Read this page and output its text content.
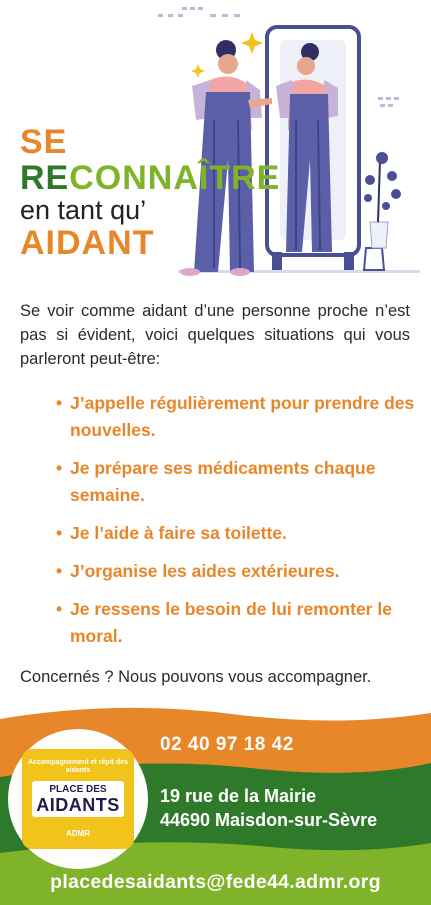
SE
RECONNAÎTRE
en tant qu’
AIDANT

Se voir comme aidant d’une personne proche n’est pas si évident, voici quelques situations qui vous parleront peut-être:

• J’appelle régulièrement pour prendre des nouvelles.
• Je prépare ses médicaments chaque semaine.
• Je l’aide à faire sa toilette.
• J’organise les aides extérieures.
• Je ressens le besoin de lui remonter le moral.

Concernés ? Nous pouvons vous accompagner.

Accompagnement et répit des aidants
PLACE DES
AIDANTS
ADMR
02 40 97 18 42
19 rue de la Mairie
44690 Maisdon-sur-Sèvre
placedesaidants@fede44.admr.org
